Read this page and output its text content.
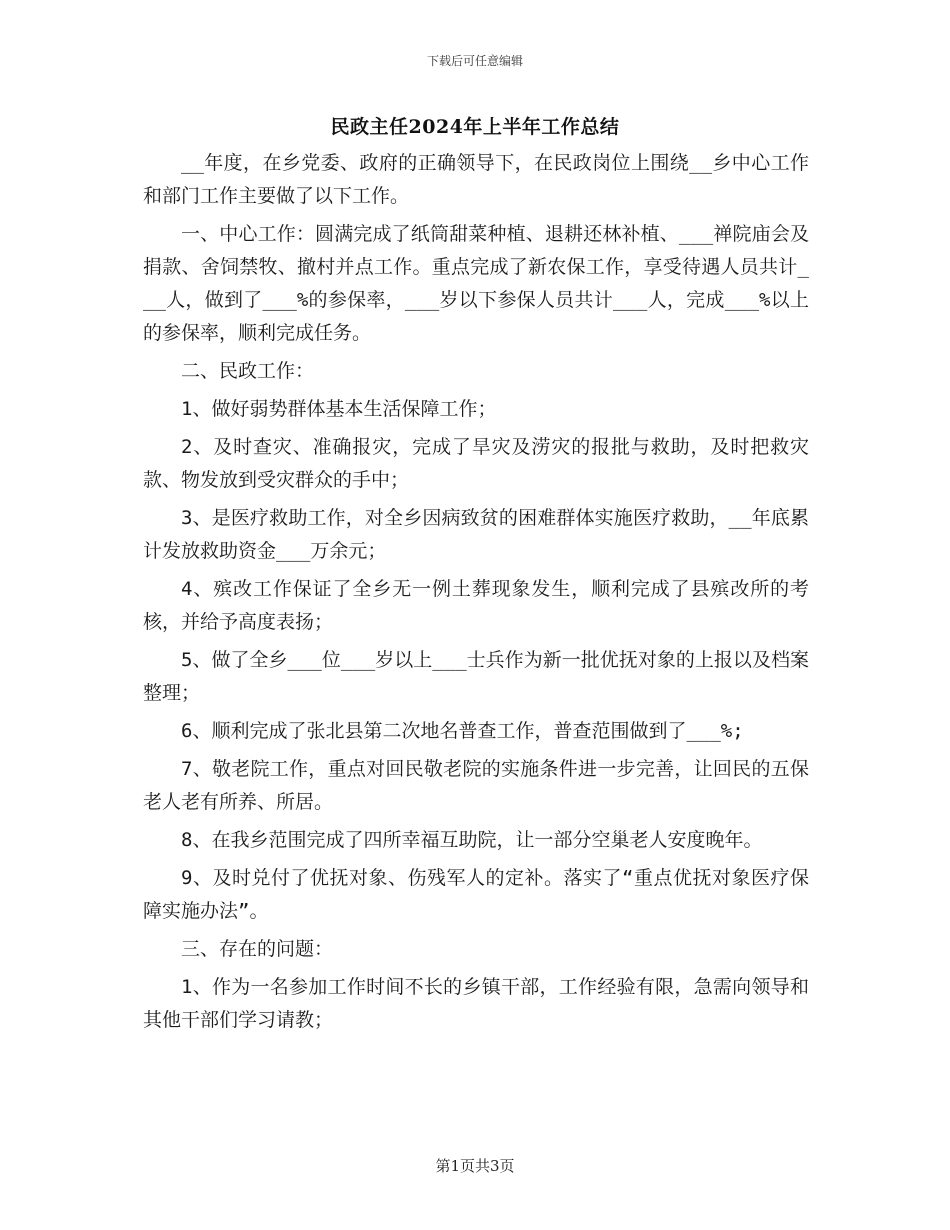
下载后可任意编辑
民政主任2024年上半年工作总结

__年度，在乡党委、政府的正确领导下，在民政岗位上围绕__乡中心工作和部门工作主要做了以下工作。

一、中心工作：圆满完成了纸筒甜菜种植、退耕还林补植、___禅院庙会及捐款、舍饲禁牧、撤村并点工作。重点完成了新农保工作，享受待遇人员共计___人，做到了___%的参保率，___岁以下参保人员共计___人，完成___%以上的参保率，顺利完成任务。

二、民政工作：

1、做好弱势群体基本生活保障工作；

2、及时查灾、准确报灾，完成了旱灾及涝灾的报批与救助，及时把救灾款、物发放到受灾群众的手中；

3、是医疗救助工作，对全乡因病致贫的困难群体实施医疗救助，__年底累计发放救助资金___万余元；

4、殡改工作保证了全乡无一例土葬现象发生，顺利完成了县殡改所的考核，并给予高度表扬；

5、做了全乡___位___岁以上___士兵作为新一批优抚对象的上报以及档案整理；

6、顺利完成了张北县第二次地名普查工作，普查范围做到了___%;

7、敬老院工作，重点对回民敬老院的实施条件进一步完善，让回民的五保老人老有所养、所居。

8、在我乡范围完成了四所幸福互助院，让一部分空巢老人安度晚年。

9、及时兑付了优抚对象、伤残军人的定补。落实了“重点优抚对象医疗保障实施办法”。

三、存在的问题：

1、作为一名参加工作时间不长的乡镇干部，工作经验有限，急需向领导和其他干部们学习请教；

第1页共3页
